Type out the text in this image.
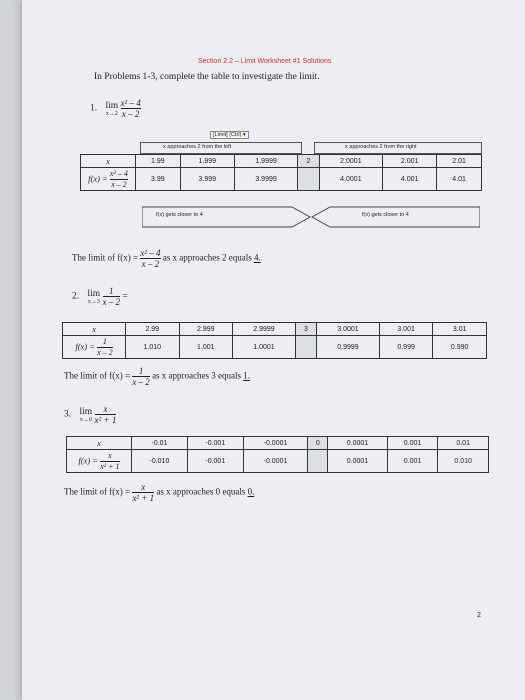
Section 2.2 – Limit Worksheet #1 Solutions
In Problems 1-3, complete the table to investigate the limit.
1. lim
x→2
$\frac{\text{x² – 4}}{x - 2}$
[Limit] (Ctrl) ▾
x approaches 2 from the left	x approaches 2 from the right
x	1.99	1.999	1.9999	2	2.0001	2.001	2.01
$f(x) = \frac{\text{x² – 4}}{x - 2}$	3.99	3.999	3.9999		4.0001	4.001	4.01
f(x) gets closer to 4	f(x) gets closer to 4
The limit of $f(x) = \frac{\text{x² – 4}}{x - 2}$ as x approaches 2 equals 4.
2. lim
x→3
$\frac{1}{x - 2}$ =
x	2.99	2.999	2.9999	3	3.0001	3.001	3.01
$f(x) = \frac{1}{x - 2}$	1.010	1.001	1.0001		0.9999	0.999	0.990
The limit of $f(x) = \frac{1}{x - 2}$ as x approaches 3 equals 1.
3. lim
x→0
$\frac{x}{\text{x² + 1}}$
x	-0.01	-0.001	-0.0001	0	0.0001	0.001	0.01
$f(x) = \frac{x}{\text{x² + 1}}$	-0.010	-0.001	-0.0001		0.0001	0.001	0.010
The limit of $f(x) = \frac{x}{\text{x² + 1}}$ as x approaches 0 equals 0.
2
